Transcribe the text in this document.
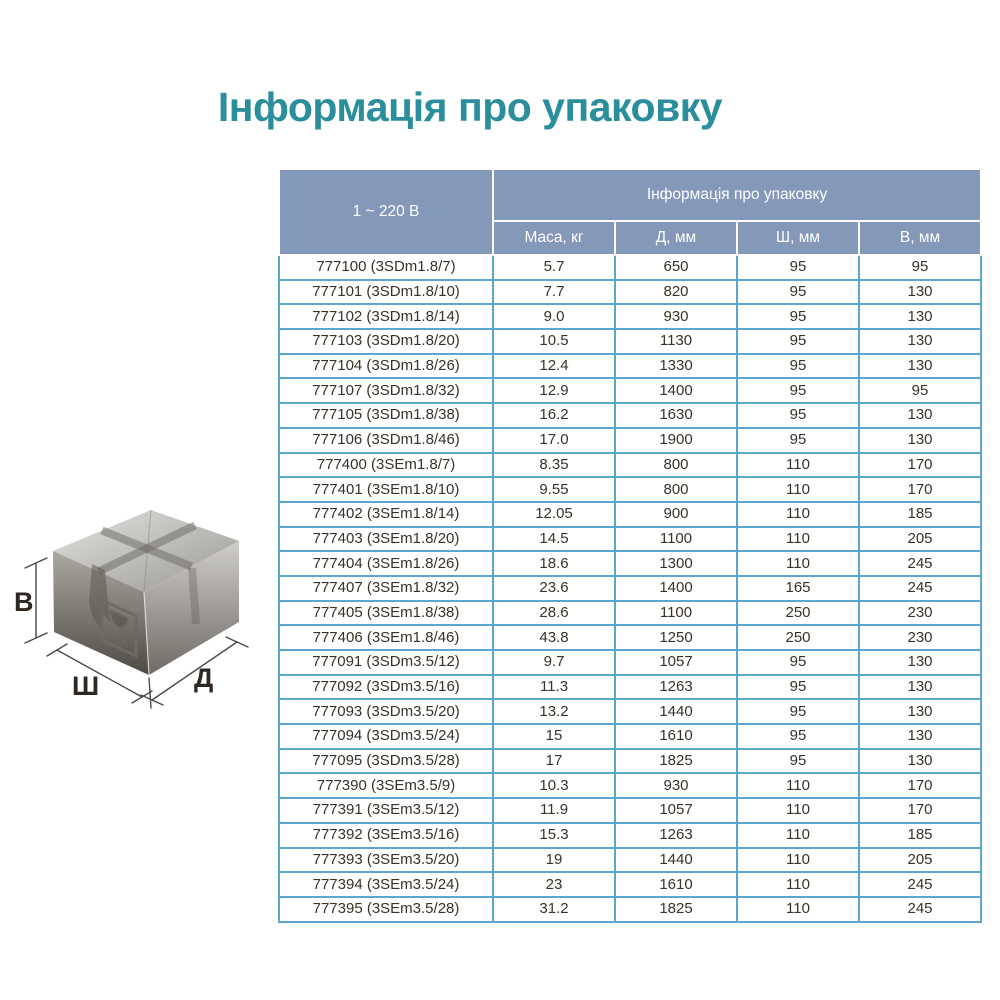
Інформація про упаковку
В
Ш	Д
1 ~ 220 В	Інформація про упаковку			
	Маса, кг	Д, мм	Ш, мм	В, мм
777100 (3SDm1.8/7)	5.7	650	95	95
777101 (3SDm1.8/10)	7.7	820	95	130
777102 (3SDm1.8/14)	9.0	930	95	130
777103 (3SDm1.8/20)	10.5	1130	95	130
777104 (3SDm1.8/26)	12.4	1330	95	130
777107 (3SDm1.8/32)	12.9	1400	95	95
777105 (3SDm1.8/38)	16.2	1630	95	130
777106 (3SDm1.8/46)	17.0	1900	95	130
777400 (3SEm1.8/7)	8.35	800	110	170
777401 (3SEm1.8/10)	9.55	800	110	170
777402 (3SEm1.8/14)	12.05	900	110	185
777403 (3SEm1.8/20)	14.5	1100	110	205
777404 (3SEm1.8/26)	18.6	1300	110	245
777407 (3SEm1.8/32)	23.6	1400	165	245
777405 (3SEm1.8/38)	28.6	1100	250	230
777406 (3SEm1.8/46)	43.8	1250	250	230
777091 (3SDm3.5/12)	9.7	1057	95	130
777092 (3SDm3.5/16)	11.3	1263	95	130
777093 (3SDm3.5/20)	13.2	1440	95	130
777094 (3SDm3.5/24)	15	1610	95	130
777095 (3SDm3.5/28)	17	1825	95	130
777390 (3SEm3.5/9)	10.3	930	110	170
777391 (3SEm3.5/12)	11.9	1057	110	170
777392 (3SEm3.5/16)	15.3	1263	110	185
777393 (3SEm3.5/20)	19	1440	110	205
777394 (3SEm3.5/24)	23	1610	110	245
777395 (3SEm3.5/28)	31.2	1825	110	245
